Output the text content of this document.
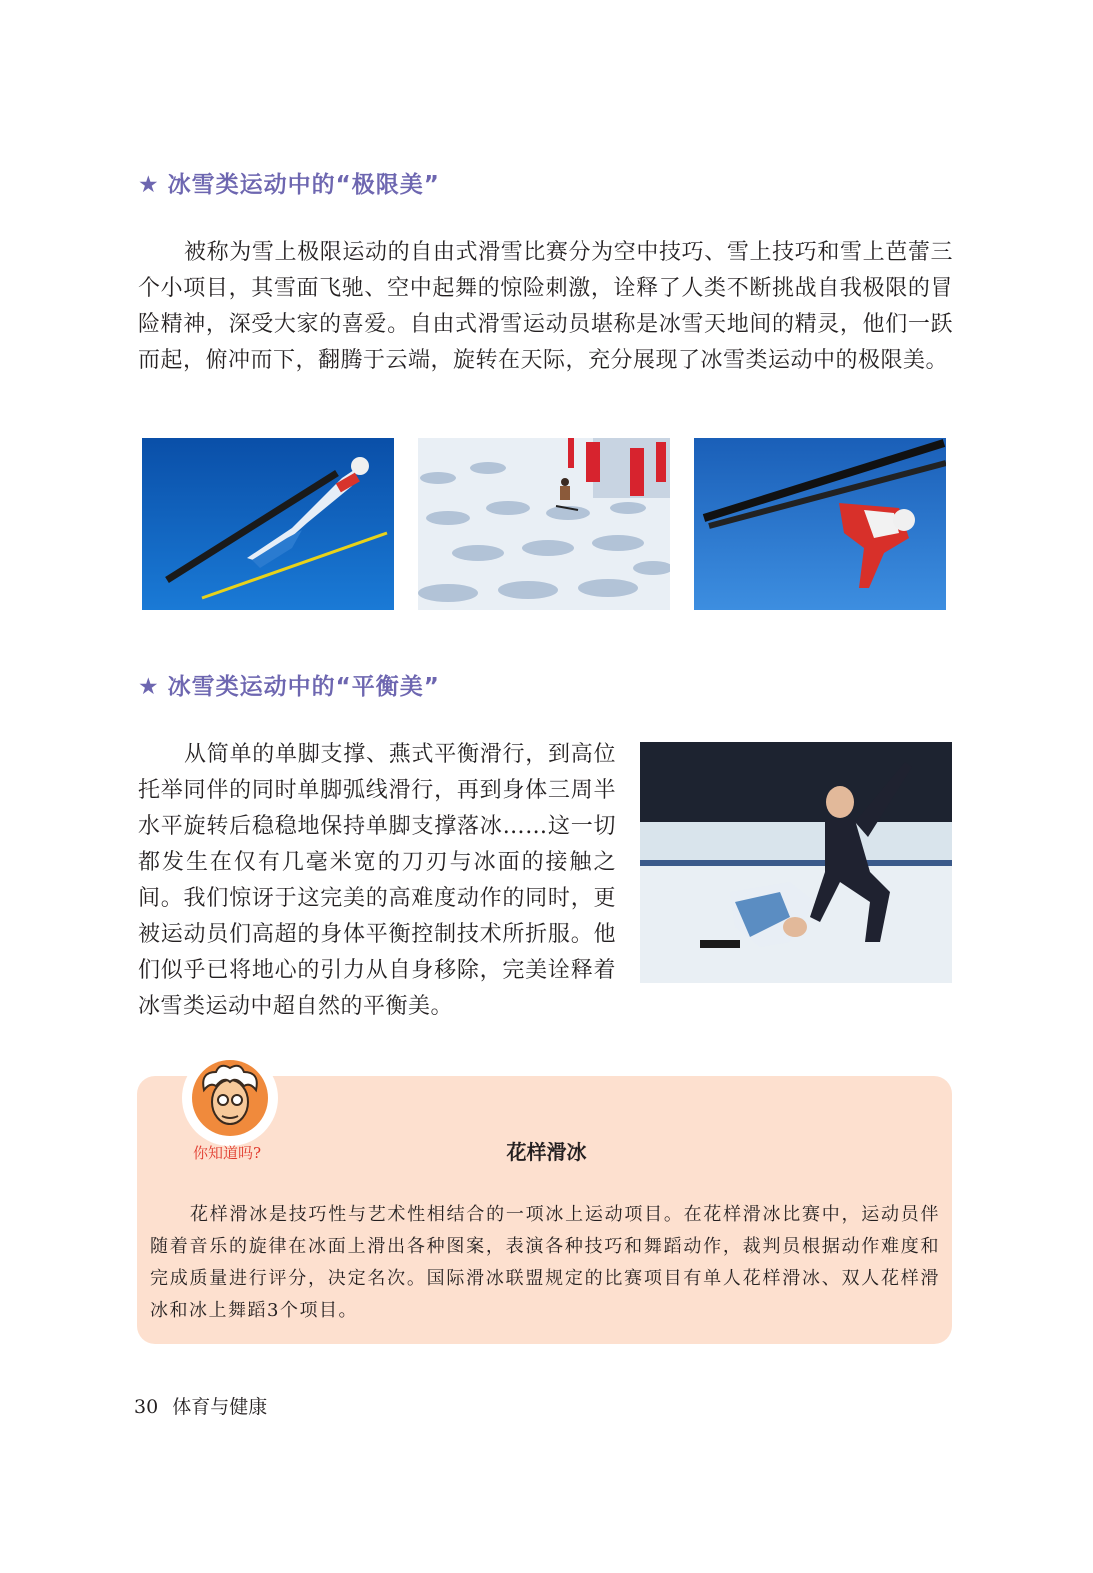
★ 冰雪类运动中的“极限美”

被称为雪上极限运动的自由式滑雪比赛分为空中技巧、雪上技巧和雪上芭蕾三个小项目，其雪面飞驰、空中起舞的惊险刺激，诠释了人类不断挑战自我极限的冒险精神，深受大家的喜爱。自由式滑雪运动员堪称是冰雪天地间的精灵，他们一跃而起，俯冲而下，翻腾于云端，旋转在天际，充分展现了冰雪类运动中的极限美。

★ 冰雪类运动中的“平衡美”

从简单的单脚支撑、燕式平衡滑行，到高位托举同伴的同时单脚弧线滑行，再到身体三周半水平旋转后稳稳地保持单脚支撑落冰……这一切都发生在仅有几毫米宽的刀刃与冰面的接触之间。我们惊讶于这完美的高难度动作的同时，更被运动员们高超的身体平衡控制技术所折服。他们似乎已将地心的引力从自身移除，完美诠释着冰雪类运动中超自然的平衡美。

你知道吗?	花样滑冰

花样滑冰是技巧性与艺术性相结合的一项冰上运动项目。在花样滑冰比赛中，运动员伴随着音乐的旋律在冰面上滑出各种图案，表演各种技巧和舞蹈动作，裁判员根据动作难度和完成质量进行评分，决定名次。国际滑冰联盟规定的比赛项目有单人花样滑冰、双人花样滑冰和冰上舞蹈3个项目。

30 体育与健康
